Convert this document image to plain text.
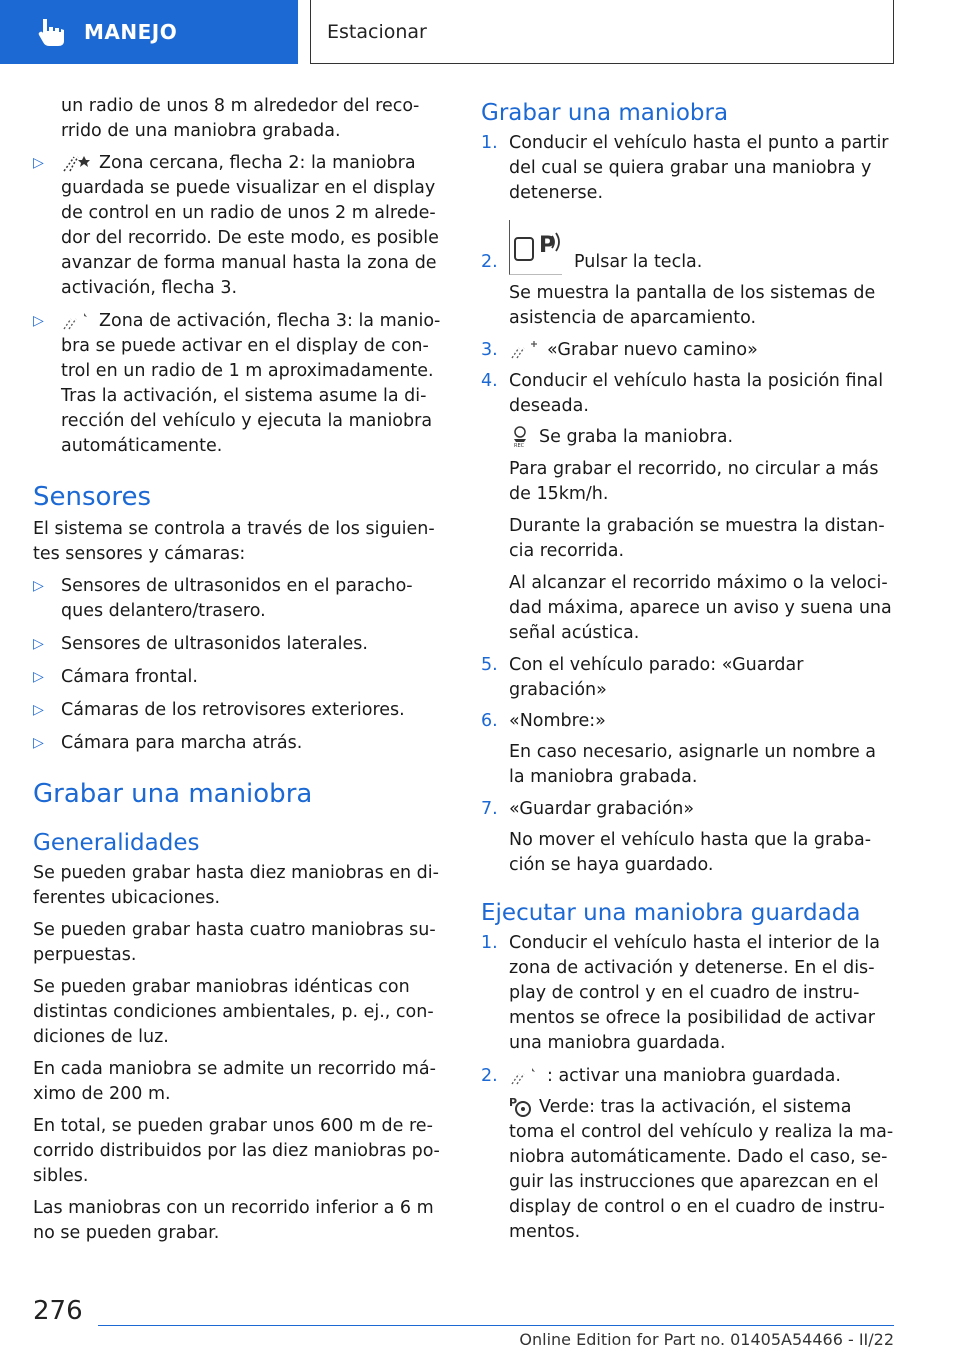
MANEJO	Estacionar

un radio de unos 8 m alrededor del recorrido de una maniobra grabada.

▷	Zona cercana, flecha 2: la maniobra guardada se puede visualizar en el display de control en un radio de unos 2 m alrededor del recorrido. De este modo, es posible avanzar de forma manual hasta la zona de activación, flecha 3.
▷	Zona de activación, flecha 3: la maniobra se puede activar en el display de control en un radio de 1 m aproximadamente. Tras la activación, el sistema asume la dirección del vehículo y ejecuta la maniobra automáticamente.
Sensores

El sistema se controla a través de los siguientes sensores y cámaras:

▷ Sensores de ultrasonidos en el parachoques delantero/trasero.
▷ Sensores de ultrasonidos laterales.
▷ Cámara frontal.
▷ Cámaras de los retrovisores exteriores.
▷ Cámara para marcha atrás.
Grabar una maniobra
Generalidades

Se pueden grabar hasta diez maniobras en diferentes ubicaciones.

Se pueden grabar hasta cuatro maniobras superpuestas.

Se pueden grabar maniobras idénticas con distintas condiciones ambientales, p. ej., condiciones de luz.

En cada maniobra se admite un recorrido máximo de 200 m.

En total, se pueden grabar unos 600 m de recorrido distribuidos por las diez maniobras posibles.

Las maniobras con un recorrido inferior a 6 m no se pueden grabar.

Grabar una maniobra
1. Conducir el vehículo hasta el punto a partir del cual se quiera grabar una maniobra y detenerse.
2.
P
Pulsar la tecla.

Se muestra la pantalla de los sistemas de asistencia de aparcamiento.

3.	«Grabar nuevo camino»
4. Conducir el vehículo hasta la posición final deseada.

REC Se graba la maniobra.

Para grabar el recorrido, no circular a más de 15km/h.

Durante la grabación se muestra la distancia recorrida.

Al alcanzar el recorrido máximo o la velocidad máxima, aparece un aviso y suena una señal acústica.

5. Con el vehículo parado: «Guardar grabación»
6. «Nombre:»

En caso necesario, asignarle un nombre a la maniobra grabada.

7. «Guardar grabación»

No mover el vehículo hasta que la grabación se haya guardado.

Ejecutar una maniobra guardada
1. Conducir el vehículo hasta el interior de la zona de activación y detenerse. En el display de control y en el cuadro de instrumentos se ofrece la posibilidad de activar una maniobra guardada.
2.	: activar una maniobra guardada.

P Verde: tras la activación, el sistema toma el control del vehículo y realiza la maniobra automáticamente. Dado el caso, seguir las instrucciones que aparezcan en el display de control o en el cuadro de instrumentos.

276
Online Edition for Part no. 01405A54466 - II/22
